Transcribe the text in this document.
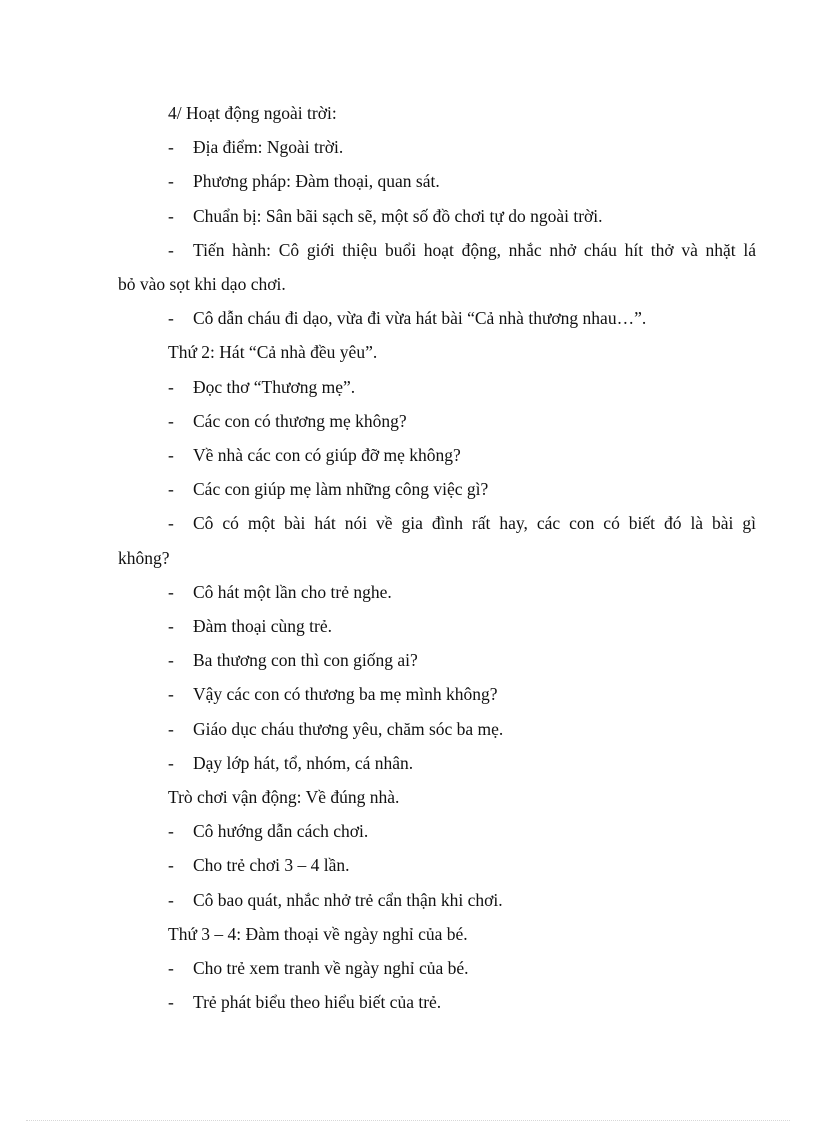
4/ Hoạt động ngoài trời:
- Địa điểm: Ngoài trời.
- Phương pháp: Đàm thoại, quan sát.
- Chuẩn bị: Sân bãi sạch sẽ, một số đồ chơi tự do ngoài trời.
- Tiến hành: Cô giới thiệu buổi hoạt động, nhắc nhở cháu hít thở và nhặt lá
bỏ vào sọt khi dạo chơi.
- Cô dẫn cháu đi dạo, vừa đi vừa hát bài “Cả nhà thương nhau…”.
Thứ 2: Hát “Cả nhà đều yêu”.
- Đọc thơ “Thương mẹ”.
- Các con có thương mẹ không?
- Về nhà các con có giúp đỡ mẹ không?
- Các con giúp mẹ làm những công việc gì?
- Cô có một bài hát nói về gia đình rất hay, các con có biết đó là bài gì
không?
- Cô hát một lần cho trẻ nghe.
- Đàm thoại cùng trẻ.
- Ba thương con thì con giống ai?
- Vậy các con có thương ba mẹ mình không?
- Giáo dục cháu thương yêu, chăm sóc ba mẹ.
- Dạy lớp hát, tổ, nhóm, cá nhân.
Trò chơi vận động: Về đúng nhà.
- Cô hướng dẫn cách chơi.
- Cho trẻ chơi 3 – 4 lần.
- Cô bao quát, nhắc nhở trẻ cẩn thận khi chơi.
Thứ 3 – 4: Đàm thoại về ngày nghỉ của bé.
- Cho trẻ xem tranh về ngày nghỉ của bé.
- Trẻ phát biểu theo hiểu biết của trẻ.
